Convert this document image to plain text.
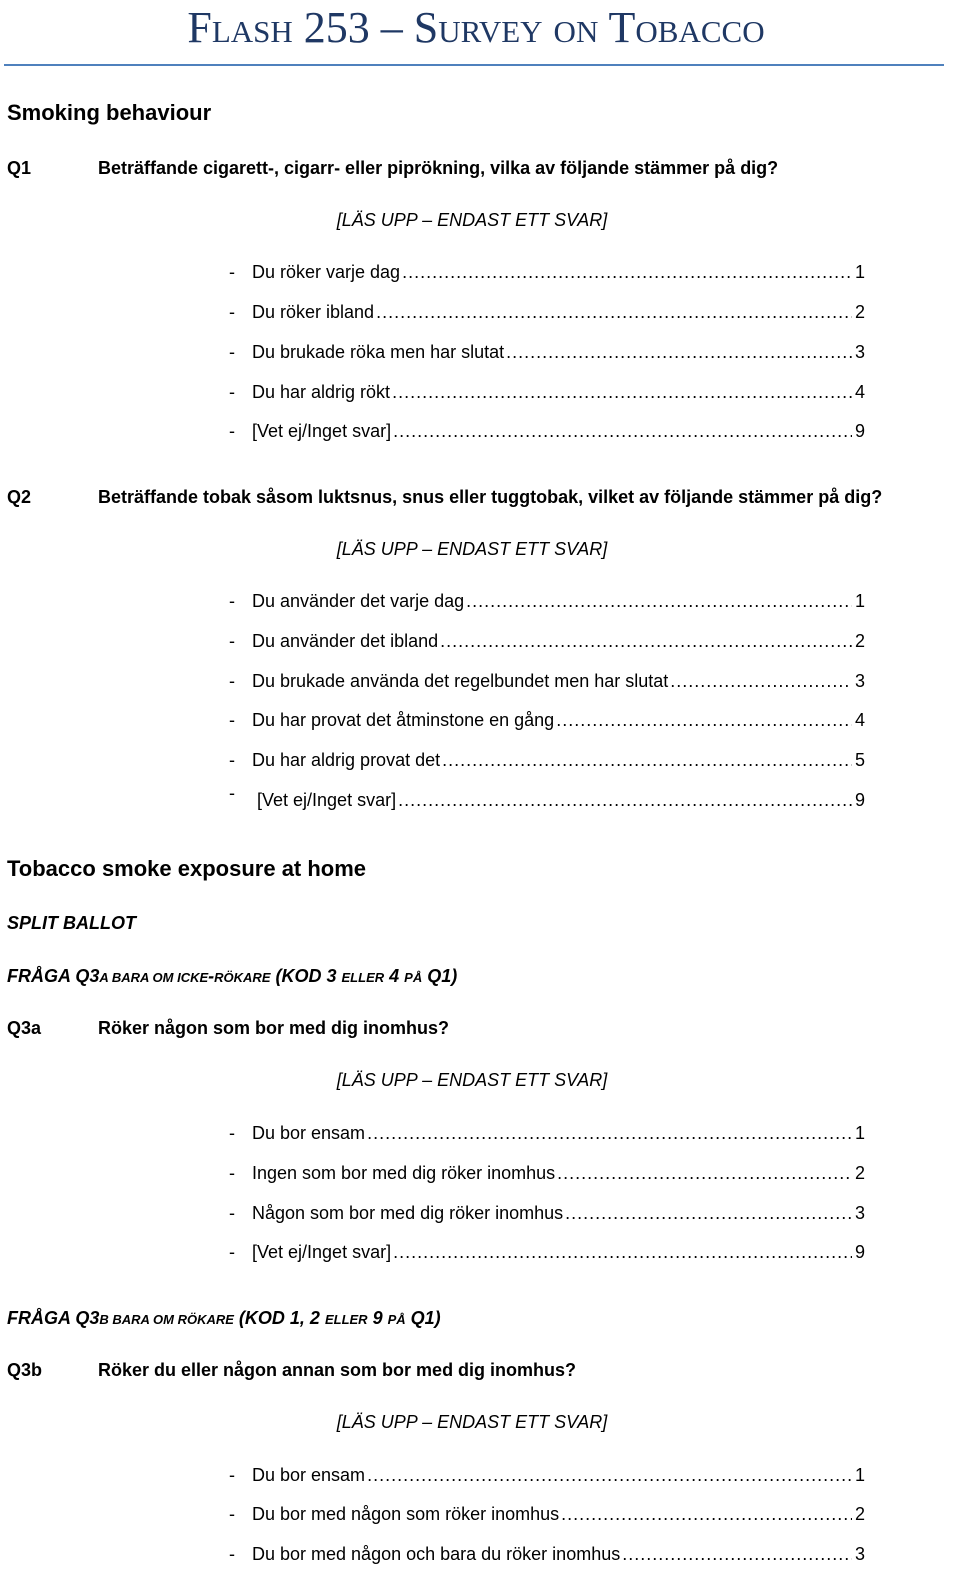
Flash 253 – Survey on Tobacco
Smoking behaviour
Q1	Beträffande cigarett-, cigarr- eller piprökning, vilka av följande stämmer på dig?
[LÄS UPP – ENDAST ETT SVAR]
- Du röker varje dag .....	1
- Du röker ibland .....	2
- Du brukade röka men har slutat .....	3
- Du har aldrig rökt .....	4
- [Vet ej/Inget svar] .....	9
Q2	Beträffande tobak såsom luktsnus, snus eller tuggtobak, vilket av följande stämmer på dig?
[LÄS UPP – ENDAST ETT SVAR]
- Du använder det varje dag .....	1
- Du använder det ibland .....	2
- Du brukade använda det regelbundet men har slutat .....	3
- Du har provat det åtminstone en gång .....	4
- Du har aldrig provat det .....	5
-	[Vet ej/Inget svar] .....	9
Tobacco smoke exposure at home
SPLIT BALLOT
FRÅGA Q3A BARA OM ICKE-RÖKARE (KOD 3 ELLER 4 PÅ Q1)
Q3a	Röker någon som bor med dig inomhus?
[LÄS UPP – ENDAST ETT SVAR]
- Du bor ensam .....	1
- Ingen som bor med dig röker inomhus .....	2
- Någon som bor med dig röker inomhus .....	3
- [Vet ej/Inget svar] .....	9
FRÅGA Q3B BARA OM RÖKARE (KOD 1, 2 ELLER 9 PÅ Q1)
Q3b	Röker du eller någon annan som bor med dig inomhus?
[LÄS UPP – ENDAST ETT SVAR]
- Du bor ensam .....	1
- Du bor med någon som röker inomhus .....	2
- Du bor med någon och bara du röker inomhus .....	3
